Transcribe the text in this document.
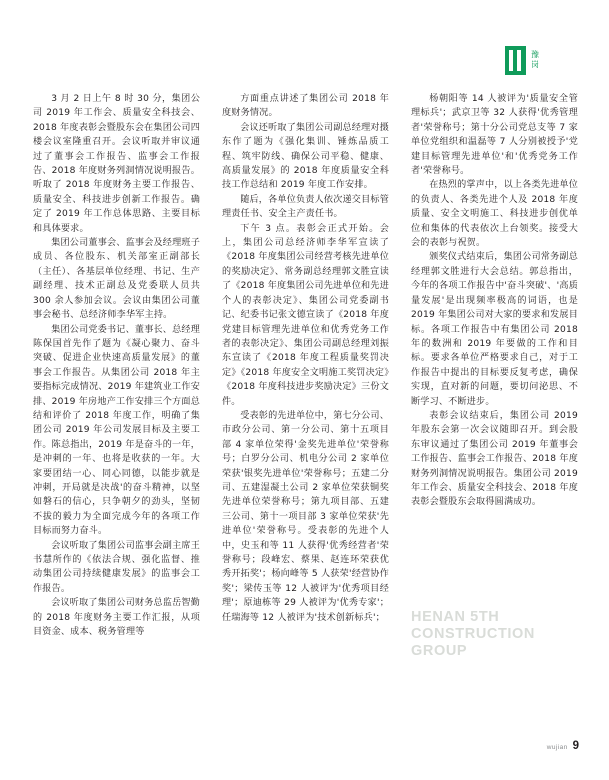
豫
岗

3 月 2 日上午 8 时 30 分，集团公司 2019 年工作会、质量安全科技会、2018 年度表彰会暨股东会在集团公司四楼会议室隆重召开。会议听取并审议通过了董事会工作报告、监事会工作报告、2018 年度财务列洞情况说明报告。听取了 2018 年度财务主要工作报告、质量安全、科技进步创新工作报告。确定了 2019 年工作总体思路、主要目标和具体要求。

集团公司董事会、监事会及经理班子成员、各位股东、机关部室正副部长（主任）、各基层单位经理、书记、生产副经理、技术正副总及党委联人员共 300 余人参加会议。会议由集团公司董事会秘书、总经济师李华军主持。

集团公司党委书记、董事长、总经理陈保国首先作了题为《凝心聚力、奋斗突破、促进企业快速高质量发展》的董事会工作报告。从集团公司 2018 年主要指标完成情况、2019 年建筑业工作安排、2019 年房地产工作安排三个方面总结和评价了 2018 年度工作，明确了集团公司 2019 年公司发展目标及主要工作。陈总指出，2019 年是奋斗的一年，是冲刺的一年、也将是收获的一年。大家要团结一心、同心同德，以能步就是冲刺，开局就是决战'的奋斗精神，以坚如磐石的信心，只争朝夕的劲头，坚韧不拔的毅力为全面完成今年的各项工作目标而努力奋斗。

会议听取了集团公司监事会副主席王书慧所作的《依法合规、强化监督、推动集团公司持续健康发展》的监事会工作报告。

会议听取了集团公司财务总监岳智勤的 2018 年度财务主要工作汇报，从项目资金、成本、税务管理等

方面重点讲述了集团公司 2018 年度财务情况。

会议还听取了集团公司副总经理对摄东作了题为《强化集训、锤炼品质工程、筑牢防线、确保公司平稳、健康、高质量发展》的 2018 年度质量安全科技工作总结和 2019 年度工作安排。

随后，各单位负责人依次递交目标管理责任书、安全主产责任书。

下午 3 点。表彰会正式开始。会上，集团公司总经济师李华军宣读了《2018 年度集团公司经营考核先进单位的奖励决定》、常务副总经理郭文胜宣读了《2018 年度集团公司先进单位和先进个人的表彰决定》、集团公司党委副书记、纪委书记张文德宣读了《2018 年度党建目标管理先进单位和优秀党务工作者的表彰决定》、集团公司副总经理刘振东宣读了《2018 年度工程质量奖罚决定》《2018 年度安全文明施工奖罚决定》《2018 年度科技进步奖励决定》三份文件。

受表彰的先进单位中，第七分公司、市政分公司、第一分公司、第十五项目部 4 家单位荣得'金奖先进单位'荣誉称号；白罗分公司、机电分公司 2 家单位荣获'银奖先进单位'荣誉称号；五建二分司、五建湿凝土公司 2 家单位荣获铜奖先进单位荣誉称号；第九项目部、五建三公司、第十一项目部 3 家单位荣获'先进单位'荣誉称号。受表彰的先进个人中，史玉和等 11 人获得'优秀经营者'荣誉称号；段峰宏、蔡果、赵连环荣获优秀开拓奖'；杨向峰等 5 人获荣'经营协作奖'；梁传玉等 12 人被评为'优秀项目经理'；原迪栋等 29 人被评为'优秀专家'；任瑞海等 12 人被评为'技术创新标兵'；

杨朝阳等 14 人被评为'质量安全管理标兵'；武京卫等 32 人获得'优秀管理者'荣誉称号；第十分公司党总支等 7 家单位党组织和温磊等 7 人分别被授予'党建目标管理先进单位'和'优秀党务工作者'荣誉称号。

在热烈的掌声中，以上各类先进单位的负责人、各类先进个人及 2018 年度质量、安全文明施工、科技进步创优单位和集体的代表依次上台领奖。接受大会的表彰与祝贺。

颁奖仪式结束后，集团公司常务副总经理郭文胜进行大会总结。郭总指出，今年的各项工作报告中'奋斗突破'、'高质量发展'是出现频率极高的词语，也是 2019 年集团公司对大家的要求和发展目标。各项工作报告中有集团公司 2018 年的数洲和 2019 年要做的工作和目标。要求各单位严格要求自己，对于工作报告中提出的目标要反复考虑，确保实现，直对新的问题，要切问泌思、不断学习、不断进步。

表彰会议结束后，集团公司 2019 年股东会第一次会议随即召开。到会股东审议通过了集团公司 2019 年董事会工作报告、监事会工作报告、2018 年度财务列洞情况说明报告。集团公司 2019 年工作会、质量安全科技会、2018 年度表彰会暨股东会取得圆满成功。

HENAN 5TH
CONSTRUCTION
GROUP
wujian 9
